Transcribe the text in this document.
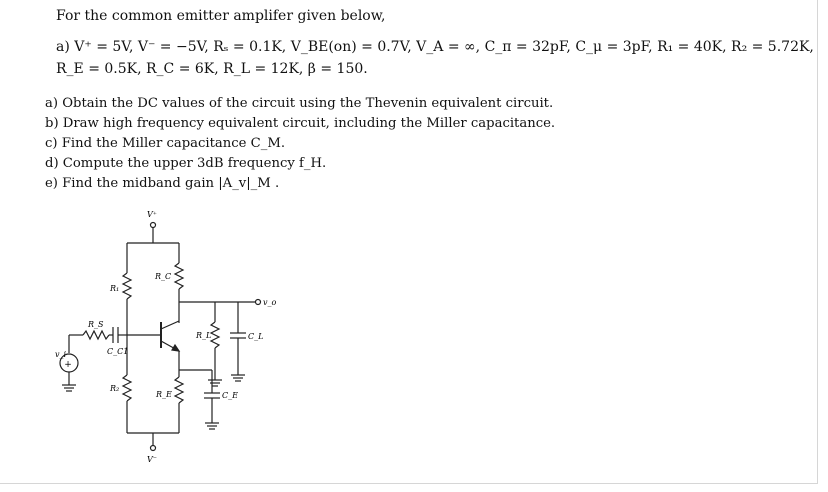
For the common emitter amplifer given below,
a) V⁺ = 5V, V⁻ = −5V, Rₛ = 0.1K, V_BE(on) = 0.7V, V_A = ∞, C_π = 32pF, C_μ = 3pF, R₁ = 40K, R₂ = 5.72K,
R_E = 0.5K, R_C = 6K, R_L = 12K, β = 150.
a) Obtain the DC values of the circuit using the Thevenin equivalent circuit.
b) Draw high frequency equivalent circuit, including the Miller capacitance.
c) Find the Miller capacitance C_M.
d) Compute the upper 3dB frequency f_H.
e) Find the midband gain |A_v|_M .
+
V⁺
V⁻
R_C
R₁
R₂
R_S
C_C1
R_L	C_L
R_E	C_E
v_o
v_i
